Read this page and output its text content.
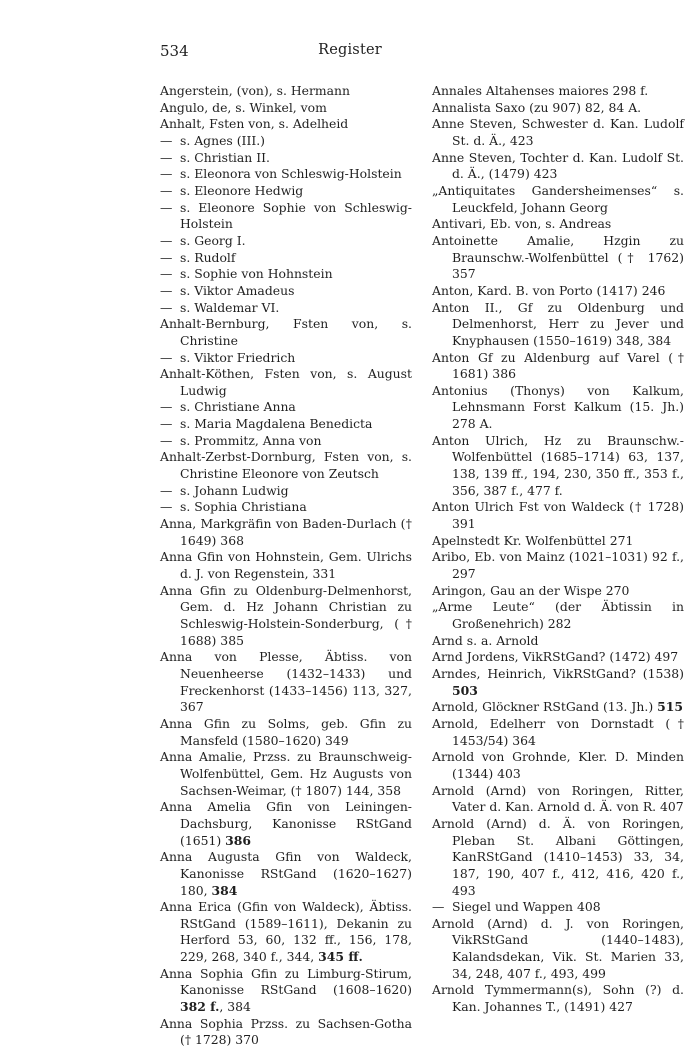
534	Register

Angerstein, (von), s. Hermann

Angulo, de, s. Winkel, vom

Anhalt, Fsten von, s. Adelheid

— s. Agnes (III.)

— s. Christian II.

— s. Eleonora von Schleswig-Holstein

— s. Eleonore Hedwig

— s. Eleonore Sophie von Schleswig-Holstein

— s. Georg I.

— s. Rudolf

— s. Sophie von Hohnstein

— s. Viktor Amadeus

— s. Waldemar VI.

Anhalt-Bernburg, Fsten von, s. Christine

— s. Viktor Friedrich

Anhalt-Köthen, Fsten von, s. August Ludwig

— s. Christiane Anna

— s. Maria Magdalena Benedicta

— s. Prommitz, Anna von

Anhalt-Zerbst-Dornburg, Fsten von, s. Christine Eleonore von Zeutsch

— s. Johann Ludwig

— s. Sophia Christiana

Anna, Markgräfin von Baden-Durlach († 1649) 368

Anna Gfin von Hohnstein, Gem. Ulrichs d. J. von Regenstein, 331

Anna Gfin zu Oldenburg-Delmenhorst, Gem. d. Hz Johann Christian zu Schleswig-Holstein-Sonderburg, († 1688) 385

Anna von Plesse, Äbtiss. von Neuenheerse (1432–1433) und Freckenhorst (1433–1456) 113, 327, 367

Anna Gfin zu Solms, geb. Gfin zu Mansfeld (1580–1620) 349

Anna Amalie, Przss. zu Braunschweig-Wolfenbüttel, Gem. Hz Augusts von Sachsen-Weimar, († 1807) 144, 358

Anna Amelia Gfin von Leiningen-Dachsburg, Kanonisse RStGand (1651) 386

Anna Augusta Gfin von Waldeck, Kanonisse RStGand (1620–1627) 180, 384

Anna Erica (Gfin von Waldeck), Äbtiss. RStGand (1589–1611), Dekanin zu Herford 53, 60, 132 ff., 156, 178, 229, 268, 340 f., 344, 345 ff.

Anna Sophia Gfin zu Limburg-Stirum, Kanonisse RStGand (1608–1620) 382 f., 384

Anna Sophia Przss. zu Sachsen-Gotha († 1728) 370

Annales Altahenses maiores 298 f.

Annalista Saxo (zu 907) 82, 84 A.

Anne Steven, Schwester d. Kan. Ludolf St. d. Ä., 423

Anne Steven, Tochter d. Kan. Ludolf St. d. Ä., (1479) 423

„Antiquitates Gandersheimenses“ s. Leuckfeld, Johann Georg

Antivari, Eb. von, s. Andreas

Antoinette Amalie, Hzgin zu Braunschw.-Wolfenbüttel († 1762) 357

Anton, Kard. B. von Porto (1417) 246

Anton II., Gf zu Oldenburg und Delmenhorst, Herr zu Jever und Knyphausen (1550–1619) 348, 384

Anton Gf zu Aldenburg auf Varel († 1681) 386

Antonius (Thonys) von Kalkum, Lehnsmann Forst Kalkum (15. Jh.) 278 A.

Anton Ulrich, Hz zu Braunschw.-Wolfenbüttel (1685–1714) 63, 137, 138, 139 ff., 194, 230, 350 ff., 353 f., 356, 387 f., 477 f.

Anton Ulrich Fst von Waldeck († 1728) 391

Apelnstedt Kr. Wolfenbüttel 271

Aribo, Eb. von Mainz (1021–1031) 92 f., 297

Aringon, Gau an der Wispe 270

„Arme Leute“ (der Äbtissin in Großenehrich) 282

Arnd s. a. Arnold

Arnd Jordens, VikRStGand? (1472) 497

Arndes, Heinrich, VikRStGand? (1538) 503

Arnold, Glöckner RStGand (13. Jh.) 515

Arnold, Edelherr von Dornstadt († 1453/54) 364

Arnold von Grohnde, Kler. D. Minden (1344) 403

Arnold (Arnd) von Roringen, Ritter, Vater d. Kan. Arnold d. Ä. von R. 407

Arnold (Arnd) d. Ä. von Roringen, Pleban St. Albani Göttingen, KanRStGand (1410–1453) 33, 34, 187, 190, 407 f., 412, 416, 420 f., 493

— Siegel und Wappen 408

Arnold (Arnd) d. J. von Roringen, VikRStGand (1440–1483), Kalandsdekan, Vik. St. Marien 33, 34, 248, 407 f., 493, 499

Arnold Tymmermann(s), Sohn (?) d. Kan. Johannes T., (1491) 427
